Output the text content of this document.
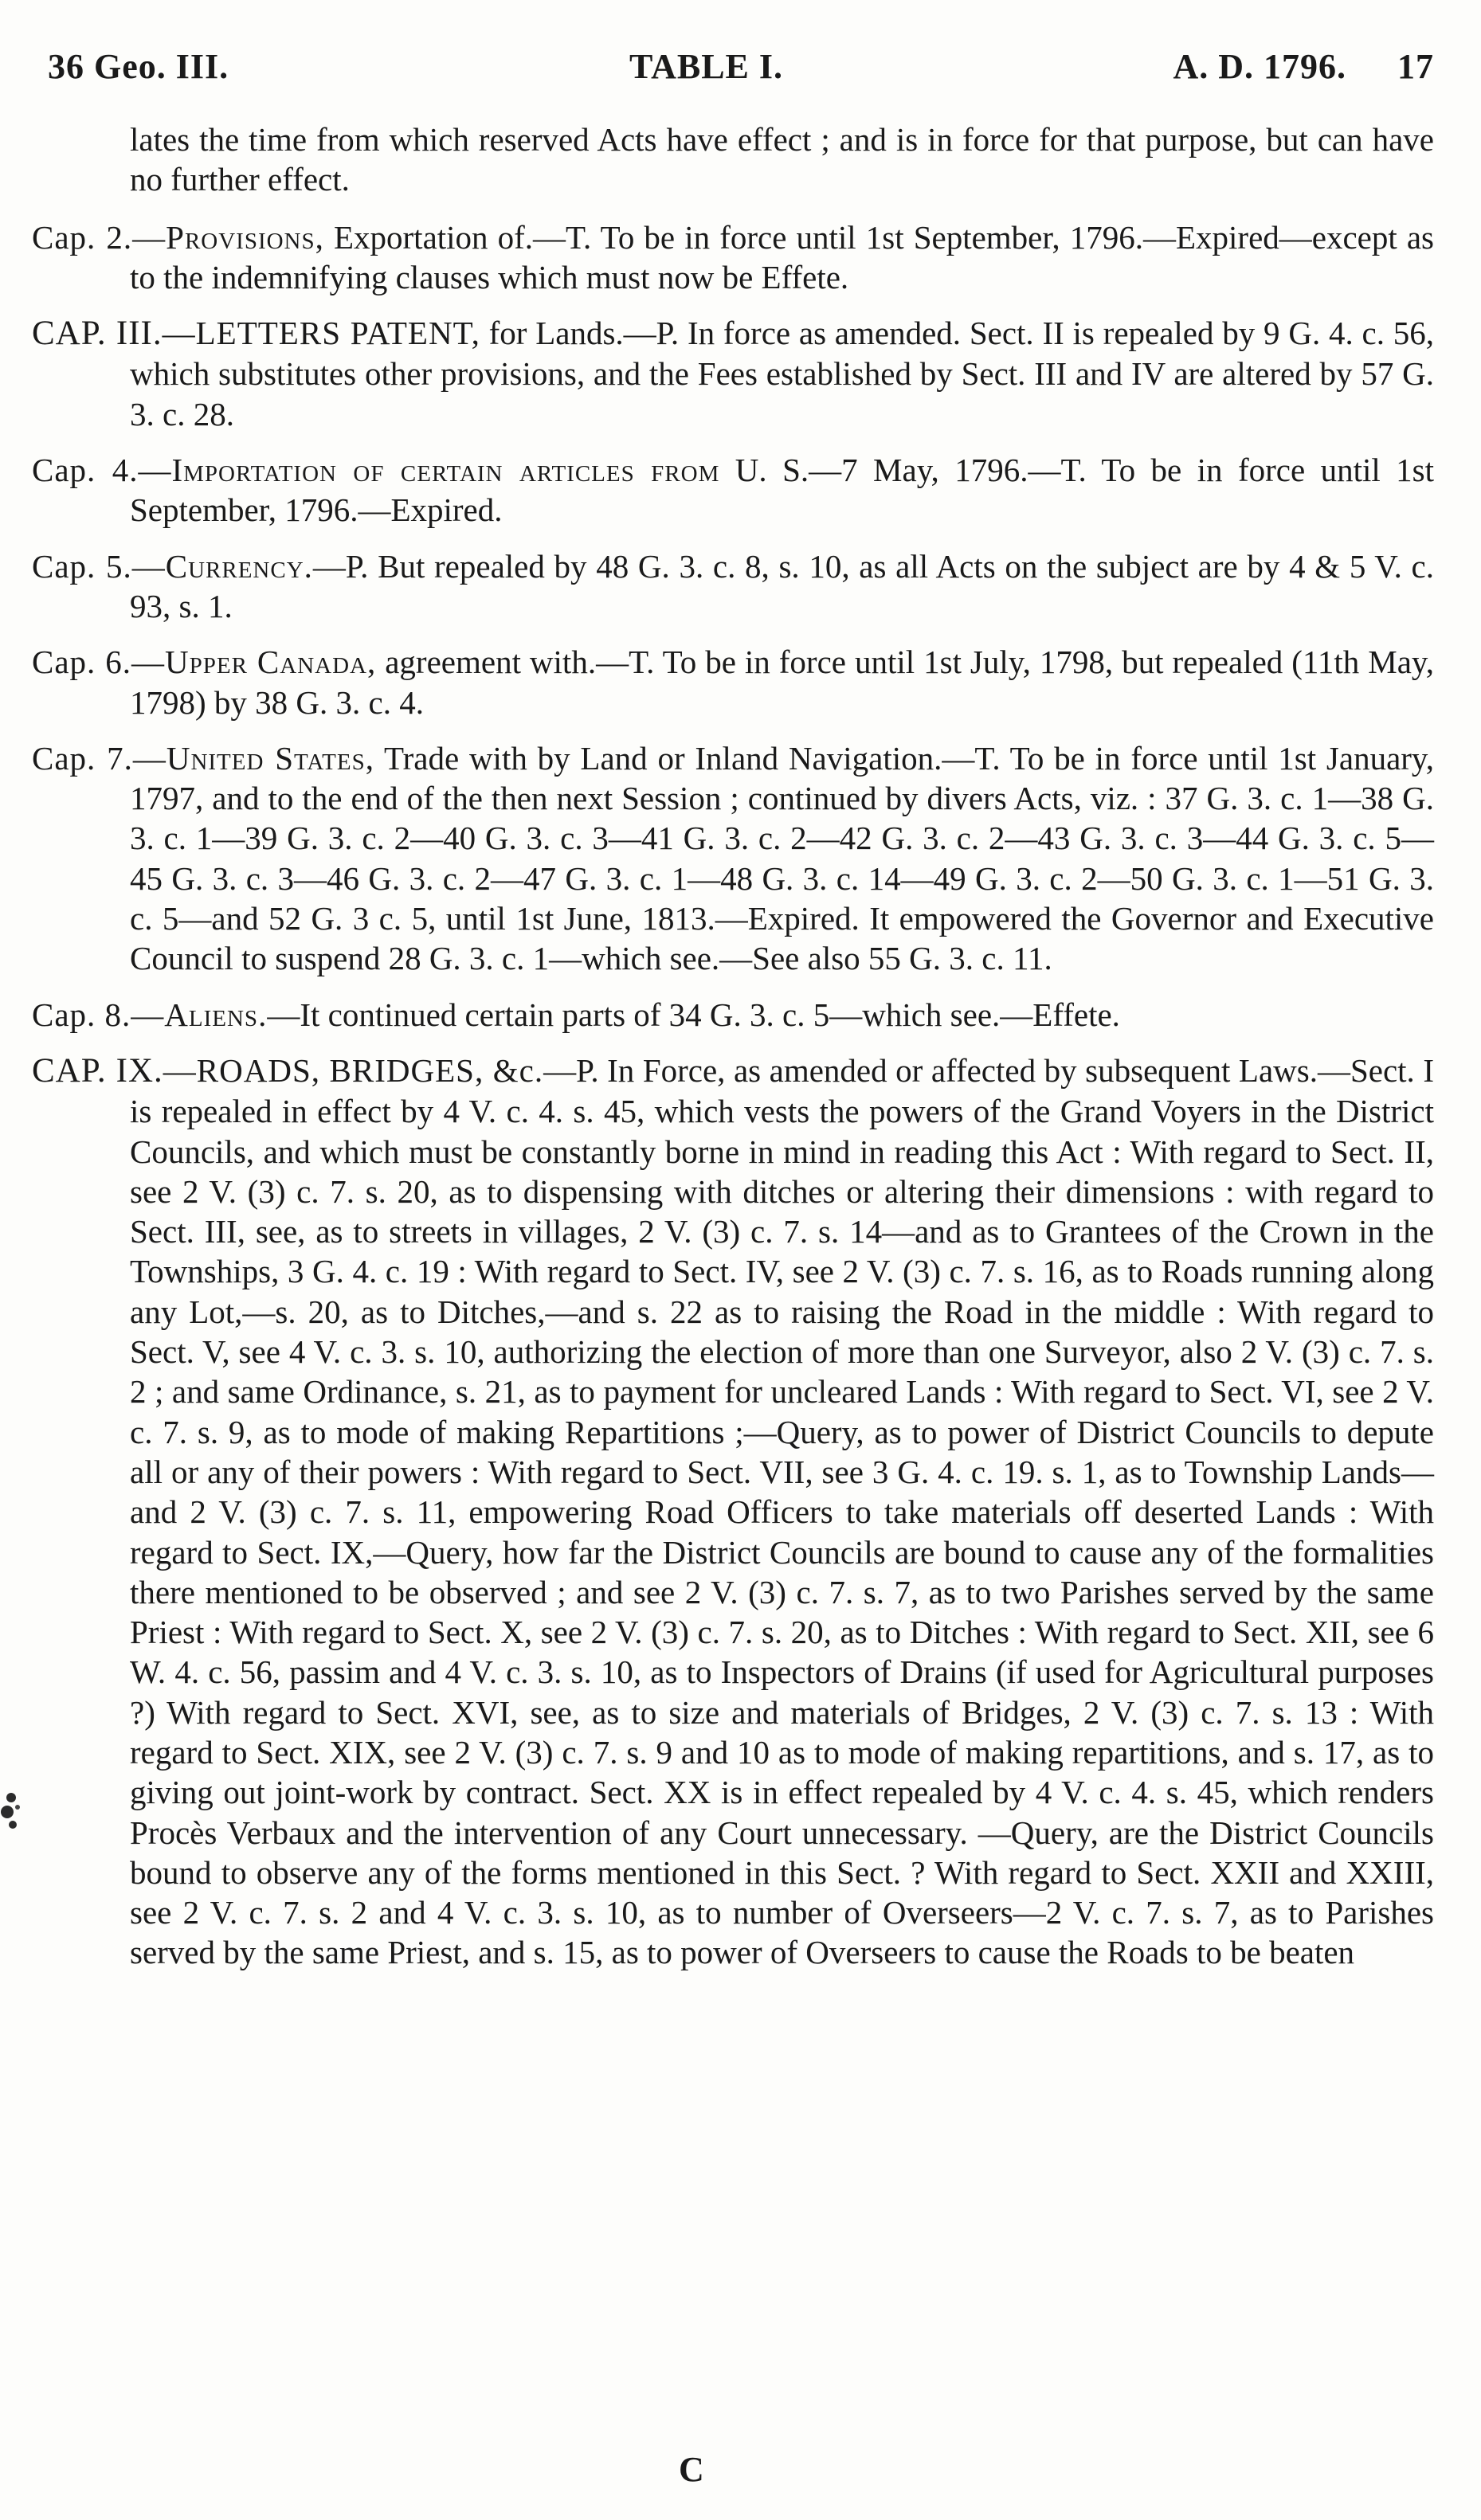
36 Geo. III.	TABLE I.	A. D. 1796. 17

lates the time from which reserved Acts have effect ; and is in force for that purpose, but can have no further effect.

Cap. 2.—Provisions, Exportation of.—T. To be in force until 1st September, 1796.—Expired—except as to the indemnifying clauses which must now be Effete.

CAP. III.—LETTERS PATENT, for Lands.—P. In force as amended. Sect. II is repealed by 9 G. 4. c. 56, which substitutes other provisions, and the Fees established by Sect. III and IV are altered by 57 G. 3. c. 28.

Cap. 4.—Importation of certain articles from U. S.—7 May, 1796.—T. To be in force until 1st September, 1796.—Expired.

Cap. 5.—Currency.—P. But repealed by 48 G. 3. c. 8, s. 10, as all Acts on the subject are by 4 & 5 V. c. 93, s. 1.

Cap. 6.—Upper Canada, agreement with.—T. To be in force until 1st July, 1798, but repealed (11th May, 1798) by 38 G. 3. c. 4.

Cap. 7.—United States, Trade with by Land or Inland Navigation.—T. To be in force until 1st January, 1797, and to the end of the then next Session ; continued by divers Acts, viz. : 37 G. 3. c. 1—38 G. 3. c. 1—39 G. 3. c. 2—40 G. 3. c. 3—41 G. 3. c. 2—42 G. 3. c. 2—43 G. 3. c. 3—44 G. 3. c. 5—45 G. 3. c. 3—46 G. 3. c. 2—47 G. 3. c. 1—48 G. 3. c. 14—49 G. 3. c. 2—50 G. 3. c. 1—51 G. 3. c. 5—and 52 G. 3 c. 5, until 1st June, 1813.—Expired. It empowered the Governor and Executive Council to suspend 28 G. 3. c. 1—which see.—See also 55 G. 3. c. 11.

Cap. 8.—Aliens.—It continued certain parts of 34 G. 3. c. 5—which see.—Effete.

CAP. IX.—ROADS, BRIDGES, &c.—P. In Force, as amended or affected by subsequent Laws.—Sect. I is repealed in effect by 4 V. c. 4. s. 45, which vests the powers of the Grand Voyers in the District Councils, and which must be constantly borne in mind in reading this Act : With regard to Sect. II, see 2 V. (3) c. 7. s. 20, as to dispensing with ditches or altering their dimensions : with regard to Sect. III, see, as to streets in villages, 2 V. (3) c. 7. s. 14—and as to Grantees of the Crown in the Townships, 3 G. 4. c. 19 : With regard to Sect. IV, see 2 V. (3) c. 7. s. 16, as to Roads running along any Lot,—s. 20, as to Ditches,—and s. 22 as to raising the Road in the middle : With regard to Sect. V, see 4 V. c. 3. s. 10, authorizing the election of more than one Surveyor, also 2 V. (3) c. 7. s. 2 ; and same Ordinance, s. 21, as to payment for uncleared Lands : With regard to Sect. VI, see 2 V. c. 7. s. 9, as to mode of making Repartitions ;—Query, as to power of District Councils to depute all or any of their powers : With regard to Sect. VII, see 3 G. 4. c. 19. s. 1, as to Township Lands—and 2 V. (3) c. 7. s. 11, empowering Road Officers to take materials off deserted Lands : With regard to Sect. IX,—Query, how far the District Councils are bound to cause any of the formalities there mentioned to be observed ; and see 2 V. (3) c. 7. s. 7, as to two Parishes served by the same Priest : With regard to Sect. X, see 2 V. (3) c. 7. s. 20, as to Ditches : With regard to Sect. XII, see 6 W. 4. c. 56, passim and 4 V. c. 3. s. 10, as to Inspectors of Drains (if used for Agricultural purposes ?) With regard to Sect. XVI, see, as to size and materials of Bridges, 2 V. (3) c. 7. s. 13 : With regard to Sect. XIX, see 2 V. (3) c. 7. s. 9 and 10 as to mode of making repartitions, and s. 17, as to giving out joint-work by contract. Sect. XX is in effect repealed by 4 V. c. 4. s. 45, which renders Procès Verbaux and the intervention of any Court unnecessary. —Query, are the District Councils bound to observe any of the forms mentioned in this Sect. ? With regard to Sect. XXII and XXIII, see 2 V. c. 7. s. 2 and 4 V. c. 3. s. 10, as to number of Overseers—2 V. c. 7. s. 7, as to Parishes served by the same Priest, and s. 15, as to power of Overseers to cause the Roads to be beaten

C
